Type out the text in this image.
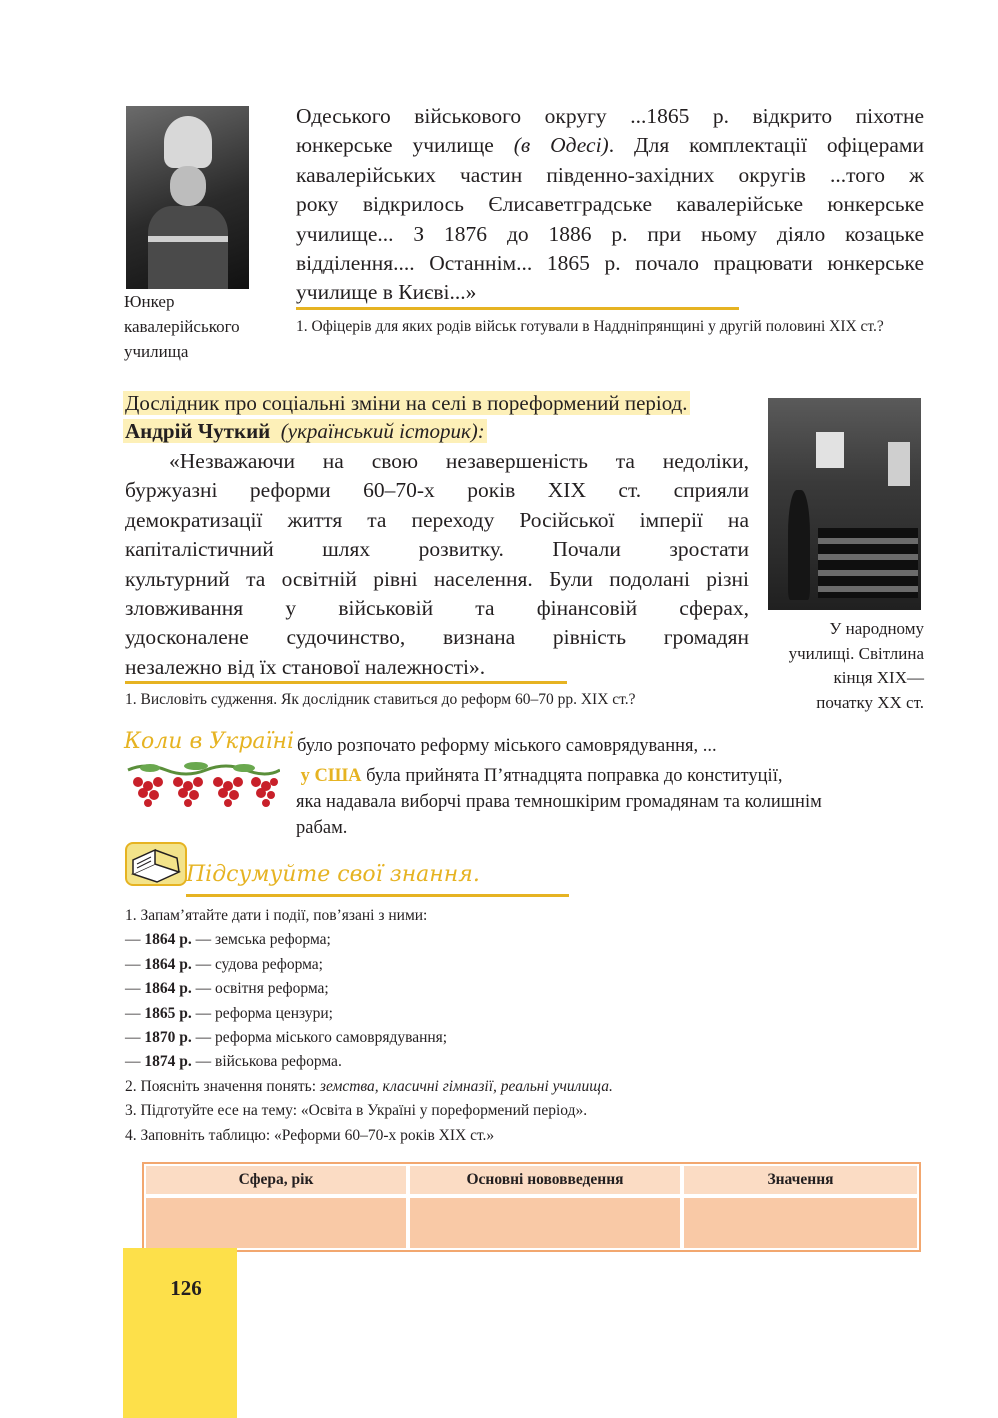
Юнкер
кавалерійського
училища
Одеського військового округу ...1865 р. відкрито піхотне
юнкерське училище (в Одесі). Для комплектації офіцерами
кавалерійських частин південно-західних округів ...того ж
року відкрилось Єлисаветградське кавалерійське юнкерське
училище... З 1876 до 1886 р. при ньому діяло козацьке
відділення.... Останнім... 1865 р. почало працювати юнкерське
училище в Києві...»
1. Офіцерів для яких родів військ готували в Наддніпрянщині у другій половині XIX ст.?
Дослідник про соціальні зміни на селі в пореформений період.
Андрій Чуткий (український історик):
«Незважаючи на свою незавершеність та недоліки,
буржуазні реформи 60–70-х років XIX ст. сприяли
демократизації життя та переходу Російської імперії на
капіталістичний шлях розвитку. Почали зростати
культурний та освітній рівні населення. Були подолані різні
зловживання у військовій та фінансовій сферах,
удосконалене судочинство, визнана рівність громадян
незалежно від їх станової належності».
1. Висловіть судження. Як дослідник ставиться до реформ 60–70 рр. XIX ст.?
У народному
училищі. Світлина
кінця XIX—
початку XX ст.
Коли в Україні було розпочато реформу міського самоврядування, ...
у США була прийнята П’ятнадцята поправка до конституції,
яка надавала виборчі права темношкірим громадянам та колишнім
рабам.
Підсумуйте свої знання.
1. Запам’ятайте дати і події, пов’язані з ними:
— 1864 р. — земська реформа;
— 1864 р. — судова реформа;
— 1864 р. — освітня реформа;
— 1865 р. — реформа цензури;
— 1870 р. — реформа міського самоврядування;
— 1874 р. — військова реформа.
2. Поясніть значення понять: земства, класичні гімназії, реальні училища.
3. Підготуйте есе на тему: «Освіта в Україні у пореформений період».
4. Заповніть таблицю: «Реформи 60–70-х років XIX ст.»
Сфера, рік	Основні нововведення	Значення

126
